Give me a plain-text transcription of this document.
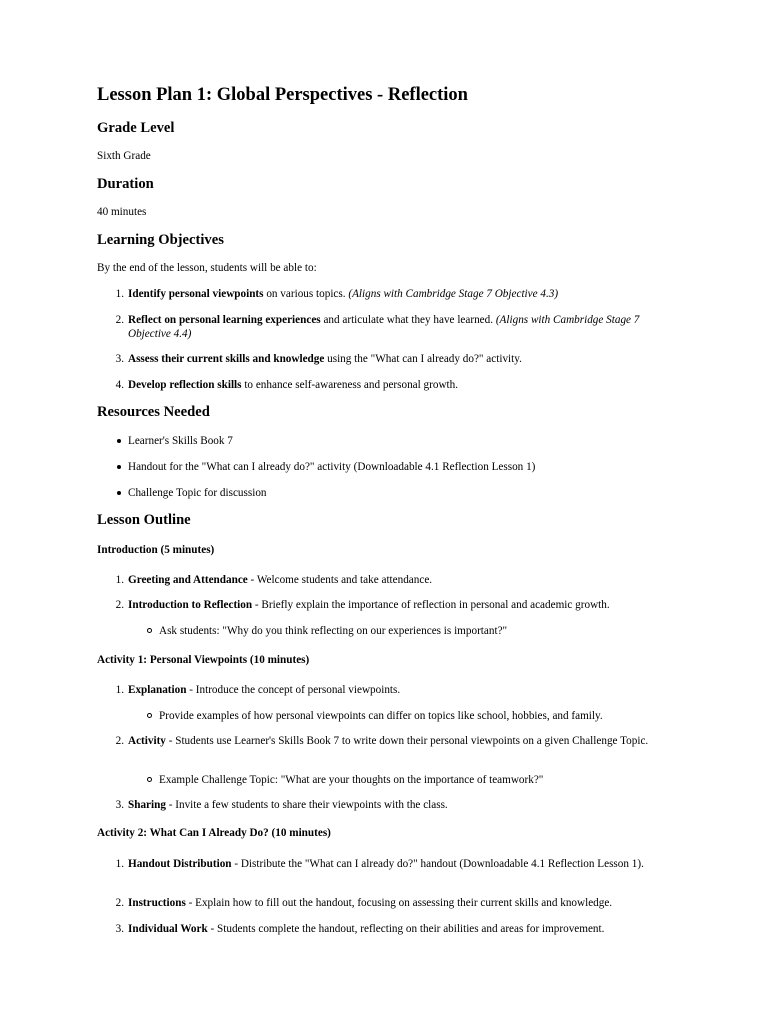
Lesson Plan 1: Global Perspectives - Reflection
Grade Level

Sixth Grade

Duration

40 minutes

Learning Objectives

By the end of the lesson, students will be able to:

1. Identify personal viewpoints on various topics. (Aligns with Cambridge Stage 7 Objective 4.3)
2. Reflect on personal learning experiences and articulate what they have learned. (Aligns with Cambridge Stage 7 Objective 4.4)
3. Assess their current skills and knowledge using the "What can I already do?" activity.
4. Develop reflection skills to enhance self-awareness and personal growth.
Resources Needed
Learner's Skills Book 7
Handout for the "What can I already do?" activity (Downloadable 4.1 Reflection Lesson 1)
Challenge Topic for discussion
Lesson Outline
Introduction (5 minutes)
1. Greeting and Attendance - Welcome students and take attendance.
2. Introduction to Reflection - Briefly explain the importance of reflection in personal and academic growth.
Ask students: "Why do you think reflecting on our experiences is important?"
Activity 1: Personal Viewpoints (10 minutes)
1. Explanation - Introduce the concept of personal viewpoints.
Provide examples of how personal viewpoints can differ on topics like school, hobbies, and family.
2. Activity - Students use Learner's Skills Book 7 to write down their personal viewpoints on a given Challenge Topic.
Example Challenge Topic: "What are your thoughts on the importance of teamwork?"
3. Sharing - Invite a few students to share their viewpoints with the class.
Activity 2: What Can I Already Do? (10 minutes)
1. Handout Distribution - Distribute the "What can I already do?" handout (Downloadable 4.1 Reflection Lesson 1).
2. Instructions - Explain how to fill out the handout, focusing on assessing their current skills and knowledge.
3. Individual Work - Students complete the handout, reflecting on their abilities and areas for improvement.
